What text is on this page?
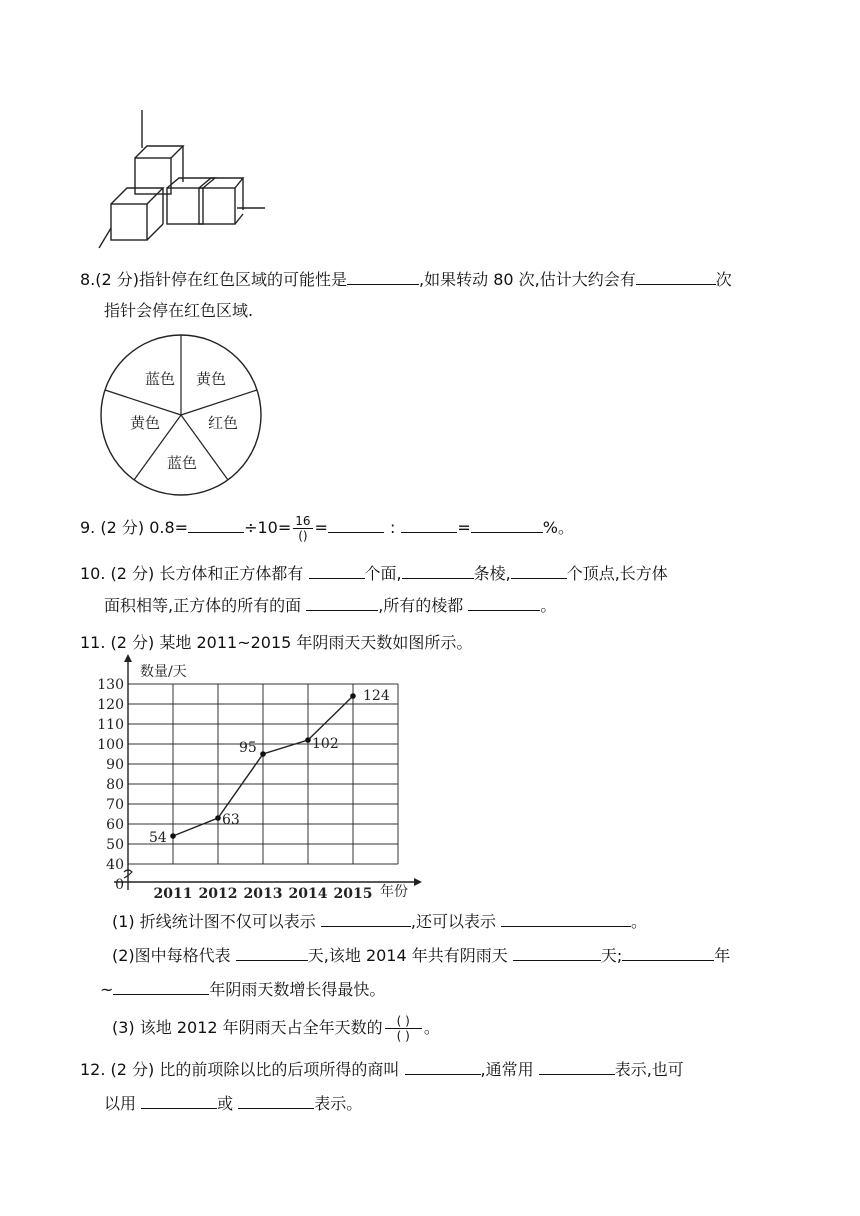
8.(2 分)指针停在红色区域的可能性是	,如果转动 80 次,估计大约会有	次
指针会停在红色区域.
蓝色 黄色
红色
蓝色
黄色
9. (2 分) 0.8=	$\div 10= \frac{16}{()}$ =	:	=	%。
10. (2 分) 长方体和正方体都有	个面,	条棱,	个顶点,长方体
面积相等,正方体的所有的面	,所有的棱都	。
11. (2 分) 某地 2011~2015 年阴雨天天数如图所示。
0
40
50
60
70
80
90
100
110
120
130
2011 2012 2013 2014 2015
数量/天
年份
54
63
95	102
124
(1) 折线统计图不仅可以表示	,还可以表示	。
(2)图中每格代表	天,该地 2014 年共有阴雨天	天;	年
~	年阴雨天数增长得最快。
(3) 该地 2012 年阴雨天占全年天数的 $\frac{( )}{( )}$ 。
12. (2 分) 比的前项除以比的后项所得的商叫	,通常用	表示,也可
以用	或	表示。
